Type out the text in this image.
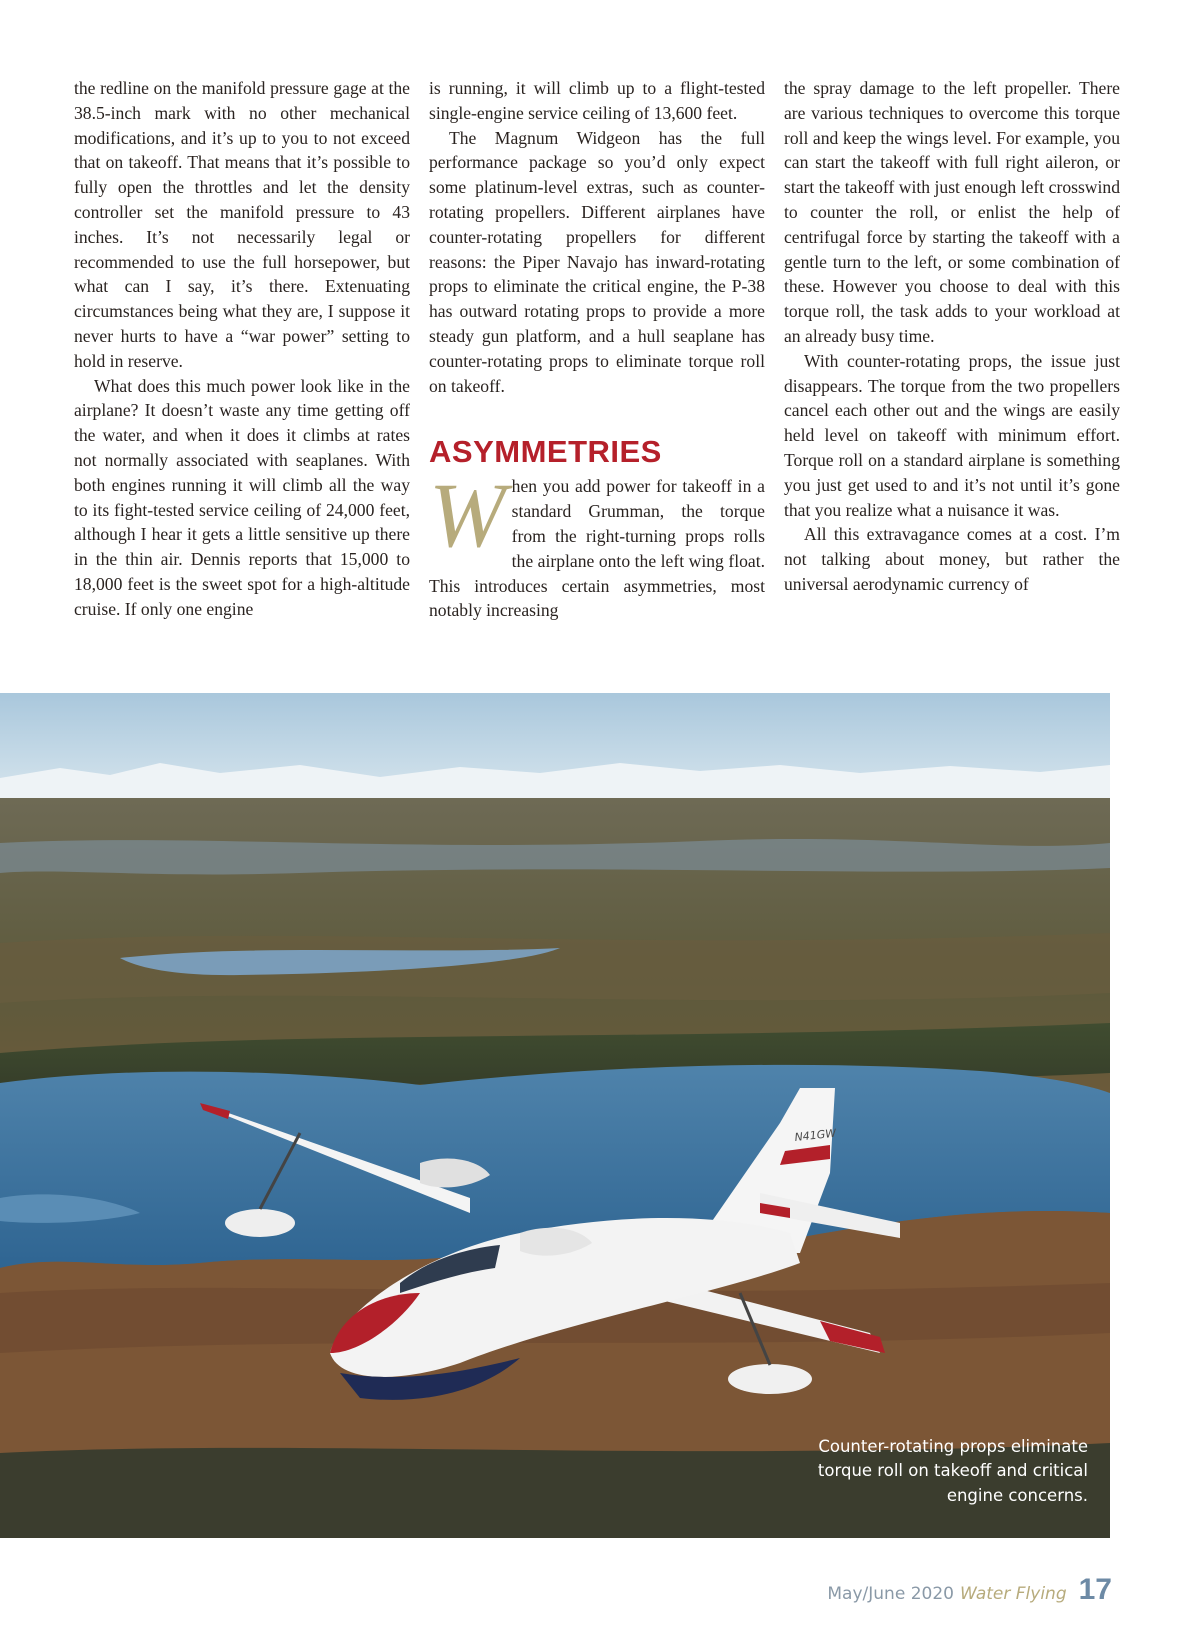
the redline on the manifold pressure gage at the 38.5-inch mark with no other mechanical modifications, and it’s up to you to not exceed that on takeoff. That means that it’s possible to fully open the throttles and let the density controller set the manifold pressure to 43 inches. It’s not necessarily legal or recommended to use the full horsepower, but what can I say, it’s there. Extenuating circumstances being what they are, I suppose it never hurts to have a “war power” setting to hold in reserve.

What does this much power look like in the airplane? It doesn’t waste any time getting off the water, and when it does it climbs at rates not normally associated with seaplanes. With both engines running it will climb all the way to its fight-tested service ceiling of 24,000 feet, although I hear it gets a little sensitive up there in the thin air. Dennis reports that 15,000 to 18,000 feet is the sweet spot for a high-altitude cruise. If only one engine

is running, it will climb up to a flight-tested single-engine service ceiling of 13,600 feet.

The Magnum Widgeon has the full performance package so you’d only expect some platinum-level extras, such as counter-rotating propellers. Different airplanes have counter-rotating propellers for different reasons: the Piper Navajo has inward-rotating props to eliminate the critical engine, the P-38 has outward rotating props to provide a more steady gun platform, and a hull seaplane has counter-rotating props to eliminate torque roll on takeoff.

ASYMMETRIES

When you add power for takeoff in a standard Grumman, the torque from the right-turning props rolls the airplane onto the left wing float. This introduces certain asymmetries, most notably increasing

the spray damage to the left propeller. There are various techniques to overcome this torque roll and keep the wings level. For example, you can start the takeoff with full right aileron, or start the takeoff with just enough left crosswind to counter the roll, or enlist the help of centrifugal force by starting the takeoff with a gentle turn to the left, or some combination of these. However you choose to deal with this torque roll, the task adds to your workload at an already busy time.

With counter-rotating props, the issue just disappears. The torque from the two propellers cancel each other out and the wings are easily held level on takeoff with minimum effort. Torque roll on a standard airplane is something you just get used to and it’s not until it’s gone that you realize what a nuisance it was.

All this extravagance comes at a cost. I’m not talking about money, but rather the universal aerodynamic currency of

N41GW
Counter-rotating props eliminate torque roll on takeoff and critical engine concerns.
May/June 2020 Water Flying 17
